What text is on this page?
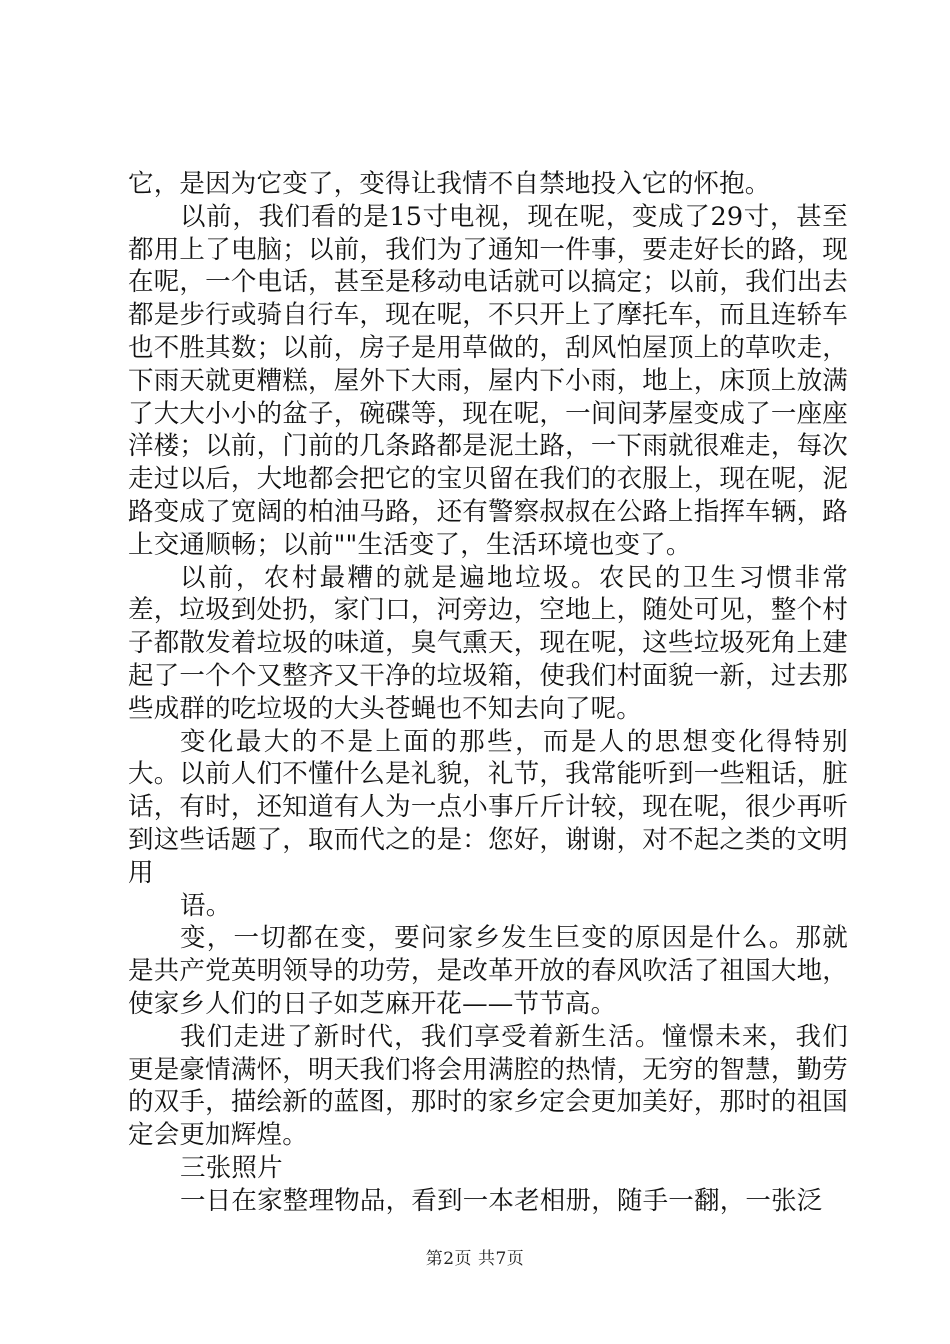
它，是因为它变了，变得让我情不自禁地投入它的怀抱。

以前，我们看的是15寸电视，现在呢，变成了29寸，甚至都用上了电脑；以前，我们为了通知一件事，要走好长的路，现在呢，一个电话，甚至是移动电话就可以搞定；以前，我们出去都是步行或骑自行车，现在呢，不只开上了摩托车，而且连轿车也不胜其数；以前，房子是用草做的，刮风怕屋顶上的草吹走，下雨天就更糟糕，屋外下大雨，屋内下小雨，地上，床顶上放满了大大小小的盆子，碗碟等，现在呢，一间间茅屋变成了一座座洋楼；以前，门前的几条路都是泥土路，一下雨就很难走，每次走过以后，大地都会把它的宝贝留在我们的衣服上，现在呢，泥路变成了宽阔的柏油马路，还有警察叔叔在公路上指挥车辆，路上交通顺畅；以前""生活变了，生活环境也变了。

以前，农村最糟的就是遍地垃圾。农民的卫生习惯非常差，垃圾到处扔，家门口，河旁边，空地上，随处可见，整个村子都散发着垃圾的味道，臭气熏天，现在呢，这些垃圾死角上建起了一个个又整齐又干净的垃圾箱，使我们村面貌一新，过去那些成群的吃垃圾的大头苍蝇也不知去向了呢。

变化最大的不是上面的那些，而是人的思想变化得特别大。以前人们不懂什么是礼貌，礼节，我常能听到一些粗话，脏话，有时，还知道有人为一点小事斤斤计较，现在呢，很少再听到这些话题了，取而代之的是：您好，谢谢，对不起之类的文明用

语。

变，一切都在变，要问家乡发生巨变的原因是什么。那就是共产党英明领导的功劳，是改革开放的春风吹活了祖国大地，使家乡人们的日子如芝麻开花——节节高。

我们走进了新时代，我们享受着新生活。憧憬未来，我们更是豪情满怀，明天我们将会用满腔的热情，无穷的智慧，勤劳的双手，描绘新的蓝图，那时的家乡定会更加美好，那时的祖国定会更加辉煌。

三张照片

一日在家整理物品，看到一本老相册，随手一翻，一张泛

第2页 共7页
